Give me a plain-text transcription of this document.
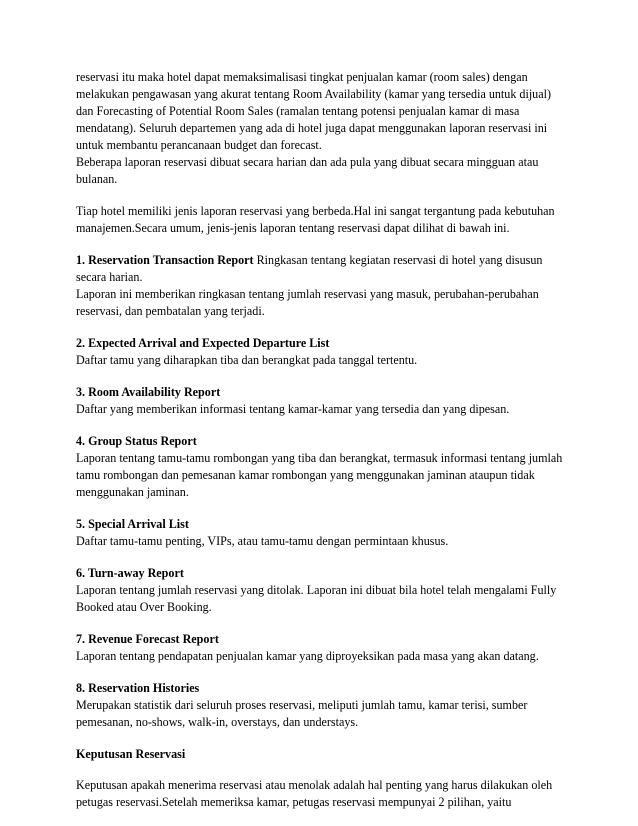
reservasi itu maka hotel dapat memaksimalisasi tingkat penjualan kamar (room sales) dengan melakukan pengawasan yang akurat tentang Room Availability (kamar yang tersedia untuk dijual) dan Forecasting of Potential Room Sales (ramalan tentang potensi penjualan kamar di masa mendatang). Seluruh departemen yang ada di hotel juga dapat menggunakan laporan reservasi ini untuk membantu perancanaan budget dan forecast.

Beberapa laporan reservasi dibuat secara harian dan ada pula yang dibuat secara mingguan atau bulanan.

Tiap hotel memiliki jenis laporan reservasi yang berbeda.Hal ini sangat tergantung pada kebutuhan manajemen.Secara umum, jenis-jenis laporan tentang reservasi dapat dilihat di bawah ini.

1. Reservation Transaction Report Ringkasan tentang kegiatan reservasi di hotel yang disusun secara harian.

Laporan ini memberikan ringkasan tentang jumlah reservasi yang masuk, perubahan-perubahan reservasi, dan pembatalan yang terjadi.

2. Expected Arrival and Expected Departure List

Daftar tamu yang diharapkan tiba dan berangkat pada tanggal tertentu.

3. Room Availability Report

Daftar yang memberikan informasi tentang kamar-kamar yang tersedia dan yang dipesan.

4. Group Status Report

Laporan tentang tamu-tamu rombongan yang tiba dan berangkat, termasuk informasi tentang jumlah tamu rombongan dan pemesanan kamar rombongan yang menggunakan jaminan ataupun tidak menggunakan jaminan.

5. Special Arrival List

Daftar tamu-tamu penting, VIPs, atau tamu-tamu dengan permintaan khusus.

6. Turn-away Report

Laporan tentang jumlah reservasi yang ditolak. Laporan ini dibuat bila hotel telah mengalami Fully Booked atau Over Booking.

7. Revenue Forecast Report

Laporan tentang pendapatan penjualan kamar yang diproyeksikan pada masa yang akan datang.

8. Reservation Histories

Merupakan statistik dari seluruh proses reservasi, meliputi jumlah tamu, kamar terisi, sumber pemesanan, no-shows, walk-in, overstays, dan understays.

Keputusan Reservasi

Keputusan apakah menerima reservasi atau menolak adalah hal penting yang harus dilakukan oleh petugas reservasi.Setelah memeriksa kamar, petugas reservasi mempunyai 2 pilihan, yaitu
